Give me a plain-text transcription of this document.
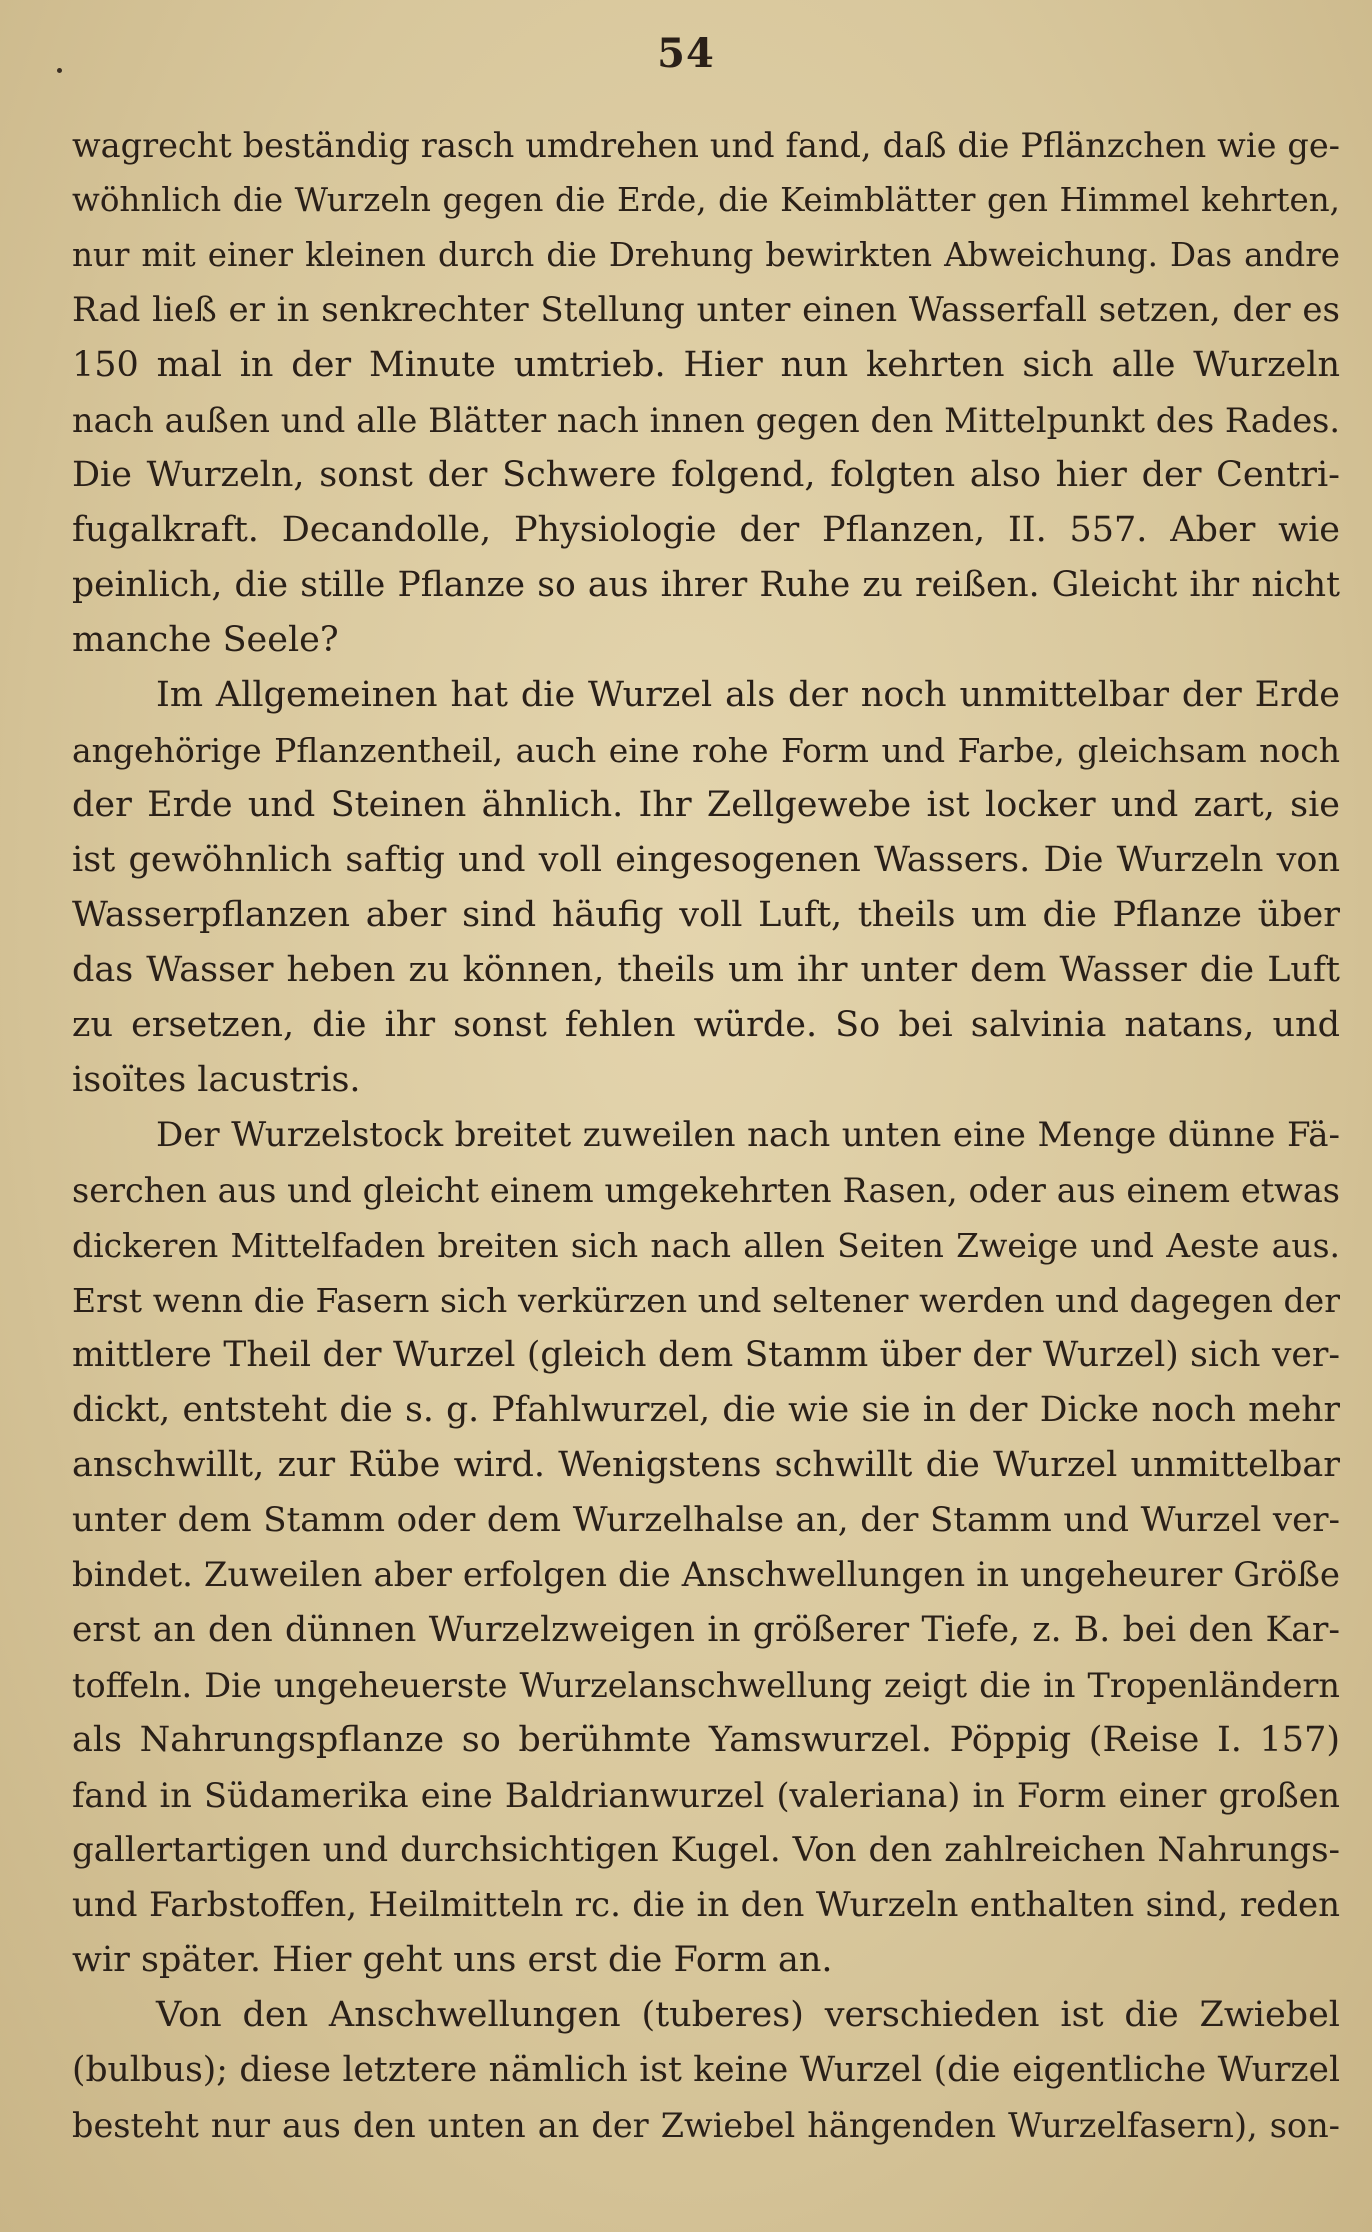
54
wagrecht beständig rasch umdrehen und fand, daß die Pflänzchen wie ge-
wöhnlich die Wurzeln gegen die Erde, die Keimblätter gen Himmel kehrten,
nur mit einer kleinen durch die Drehung bewirkten Abweichung. Das andre
Rad ließ er in senkrechter Stellung unter einen Wasserfall setzen, der es
150 mal in der Minute umtrieb. Hier nun kehrten sich alle Wurzeln
nach außen und alle Blätter nach innen gegen den Mittelpunkt des Rades.
Die Wurzeln, sonst der Schwere folgend, folgten also hier der Centri-
fugalkraft. Decandolle, Physiologie der Pflanzen, II. 557. Aber wie
peinlich, die stille Pflanze so aus ihrer Ruhe zu reißen. Gleicht ihr nicht
manche Seele?
Im Allgemeinen hat die Wurzel als der noch unmittelbar der Erde
angehörige Pflanzentheil, auch eine rohe Form und Farbe, gleichsam noch
der Erde und Steinen ähnlich. Ihr Zellgewebe ist locker und zart, sie
ist gewöhnlich saftig und voll eingesogenen Wassers. Die Wurzeln von
Wasserpflanzen aber sind häufig voll Luft, theils um die Pflanze über
das Wasser heben zu können, theils um ihr unter dem Wasser die Luft
zu ersetzen, die ihr sonst fehlen würde. So bei salvinia natans, und
isoïtes lacustris.
Der Wurzelstock breitet zuweilen nach unten eine Menge dünne Fä-
serchen aus und gleicht einem umgekehrten Rasen, oder aus einem etwas
dickeren Mittelfaden breiten sich nach allen Seiten Zweige und Aeste aus.
Erst wenn die Fasern sich verkürzen und seltener werden und dagegen der
mittlere Theil der Wurzel (gleich dem Stamm über der Wurzel) sich ver-
dickt, entsteht die s. g. Pfahlwurzel, die wie sie in der Dicke noch mehr
anschwillt, zur Rübe wird. Wenigstens schwillt die Wurzel unmittelbar
unter dem Stamm oder dem Wurzelhalse an, der Stamm und Wurzel ver-
bindet. Zuweilen aber erfolgen die Anschwellungen in ungeheurer Größe
erst an den dünnen Wurzelzweigen in größerer Tiefe, z. B. bei den Kar-
toffeln. Die ungeheuerste Wurzelanschwellung zeigt die in Tropenländern
als Nahrungspflanze so berühmte Yamswurzel. Pöppig (Reise I. 157)
fand in Südamerika eine Baldrianwurzel (valeriana) in Form einer großen
gallertartigen und durchsichtigen Kugel. Von den zahlreichen Nahrungs-
und Farbstoffen, Heilmitteln rc. die in den Wurzeln enthalten sind, reden
wir später. Hier geht uns erst die Form an.
Von den Anschwellungen (tuberes) verschieden ist die Zwiebel
(bulbus); diese letztere nämlich ist keine Wurzel (die eigentliche Wurzel
besteht nur aus den unten an der Zwiebel hängenden Wurzelfasern), son-
